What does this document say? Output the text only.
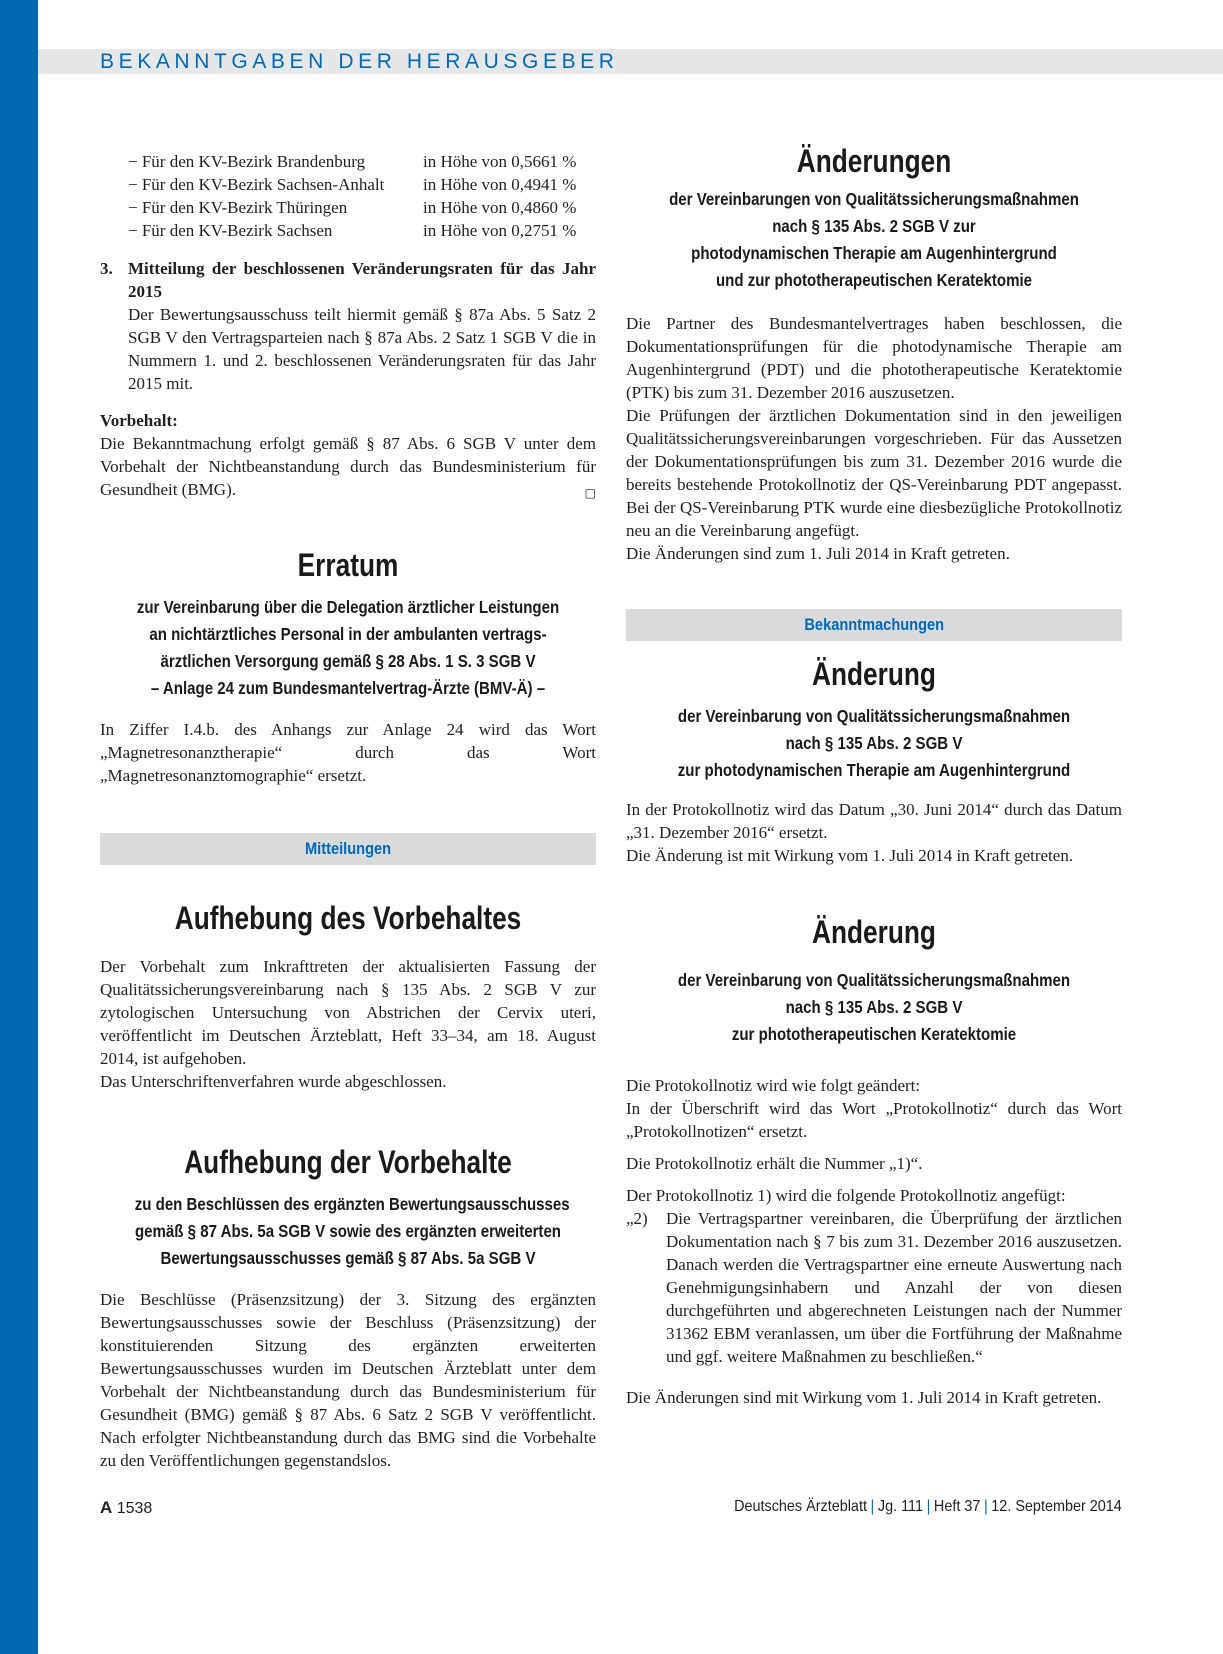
BEKANNTGABEN DER HERAUSGEBER
− Für den KV-Bezirk Brandenburg	in Höhe von 0,5661 %
− Für den KV-Bezirk Sachsen-Anhalt	in Höhe von 0,4941 %
− Für den KV-Bezirk Thüringen	in Höhe von 0,4860 %
− Für den KV-Bezirk Sachsen	in Höhe von 0,2751 %
3. Mitteilung der beschlossenen Veränderungsraten für das Jahr 2015

Der Bewertungsausschuss teilt hiermit gemäß § 87a Abs. 5 Satz 2 SGB V den Vertragsparteien nach § 87a Abs. 2 Satz 1 SGB V die in Nummern 1. und 2. beschlossenen Veränderungsraten für das Jahr 2015 mit.

Vorbehalt:

Die Bekanntmachung erfolgt gemäß § 87 Abs. 6 SGB V unter dem Vorbehalt der Nichtbeanstandung durch das Bundesministerium für Gesundheit (BMG).	□

Erratum
zur Vereinbarung über die Delegation ärztlicher Leistungen
an nichtärztliches Personal in der ambulanten vertrags-
ärztlichen Versorgung gemäß § 28 Abs. 1 S. 3 SGB V
– Anlage 24 zum Bundesmantelvertrag-Ärzte (BMV-Ä) –

In Ziffer I.4.b. des Anhangs zur Anlage 24 wird das Wort „Magnetresonanztherapie“ durch das Wort „Magnetresonanztomographie“ ersetzt.

Mitteilungen
Aufhebung des Vorbehaltes

Der Vorbehalt zum Inkrafttreten der aktualisierten Fassung der Qualitätssicherungsvereinbarung nach § 135 Abs. 2 SGB V zur zytologischen Untersuchung von Abstrichen der Cervix uteri, veröffentlicht im Deutschen Ärzteblatt, Heft 33–34, am 18. August 2014, ist aufgehoben.

Das Unterschriftenverfahren wurde abgeschlossen.

Aufhebung der Vorbehalte
zu den Beschlüssen des ergänzten Bewertungsausschusses
gemäß § 87 Abs. 5a SGB V sowie des ergänzten erweiterten
Bewertungsausschusses gemäß § 87 Abs. 5a SGB V

Die Beschlüsse (Präsenzsitzung) der 3. Sitzung des ergänzten Bewertungsausschusses sowie der Beschluss (Präsenzsitzung) der konstituierenden Sitzung des ergänzten erweiterten Bewertungsausschusses wurden im Deutschen Ärzteblatt unter dem Vorbehalt der Nichtbeanstandung durch das Bundesministerium für Gesundheit (BMG) gemäß § 87 Abs. 6 Satz 2 SGB V veröffentlicht. Nach erfolgter Nichtbeanstandung durch das BMG sind die Vorbehalte zu den Veröffentlichungen gegenstandslos.

Änderungen
der Vereinbarungen von Qualitätssicherungsmaßnahmen
nach § 135 Abs. 2 SGB V zur
photodynamischen Therapie am Augenhintergrund
und zur phototherapeutischen Keratektomie

Die Partner des Bundesmantelvertrages haben beschlossen, die Dokumentationsprüfungen für die photodynamische Therapie am Augenhintergrund (PDT) und die phototherapeutische Keratektomie (PTK) bis zum 31. Dezember 2016 auszusetzen.

Die Prüfungen der ärztlichen Dokumentation sind in den jeweiligen Qualitätssicherungsvereinbarungen vorgeschrieben. Für das Aussetzen der Dokumentationsprüfungen bis zum 31. Dezember 2016 wurde die bereits bestehende Protokollnotiz der QS-Vereinbarung PDT angepasst. Bei der QS-Vereinbarung PTK wurde eine diesbezügliche Protokollnotiz neu an die Vereinbarung angefügt.

Die Änderungen sind zum 1. Juli 2014 in Kraft getreten.

Bekanntmachungen
Änderung
der Vereinbarung von Qualitätssicherungsmaßnahmen
nach § 135 Abs. 2 SGB V
zur photodynamischen Therapie am Augenhintergrund

In der Protokollnotiz wird das Datum „30. Juni 2014“ durch das Datum „31. Dezember 2016“ ersetzt.

Die Änderung ist mit Wirkung vom 1. Juli 2014 in Kraft getreten.

Änderung
der Vereinbarung von Qualitätssicherungsmaßnahmen
nach § 135 Abs. 2 SGB V
zur phototherapeutischen Keratektomie

Die Protokollnotiz wird wie folgt geändert:

In der Überschrift wird das Wort „Protokollnotiz“ durch das Wort „Protokollnotizen“ ersetzt.

Die Protokollnotiz erhält die Nummer „1)“.

Der Protokollnotiz 1) wird die folgende Protokollnotiz angefügt:

„2)	Die Vertragspartner vereinbaren, die Überprüfung der ärztlichen Dokumentation nach § 7 bis zum 31. Dezember 2016 auszusetzen. Danach werden die Vertragspartner eine erneute Auswertung nach Genehmigungsinhabern und Anzahl der von diesen durchgeführten und abgerechneten Leistungen nach der Nummer 31362 EBM veranlassen, um über die Fortführung der Maßnahme und ggf. weitere Maßnahmen zu beschließen.“

Die Änderungen sind mit Wirkung vom 1. Juli 2014 in Kraft getreten.

A 1538	Deutsches Ärzteblatt | Jg. 111 | Heft 37 | 12. September 2014
